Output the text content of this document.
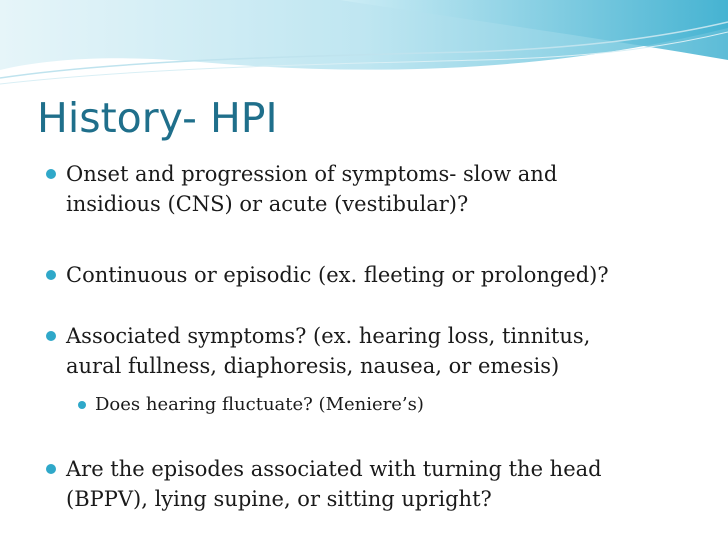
History- HPI
Onset and progression of symptoms- slow and
insidious (CNS) or acute (vestibular)?
Continuous or episodic (ex. fleeting or prolonged)?
Associated symptoms? (ex. hearing loss, tinnitus,
aural fullness, diaphoresis, nausea, or emesis)
Does hearing fluctuate? (Meniere’s)
Are the episodes associated with turning the head
(BPPV), lying supine, or sitting upright?
